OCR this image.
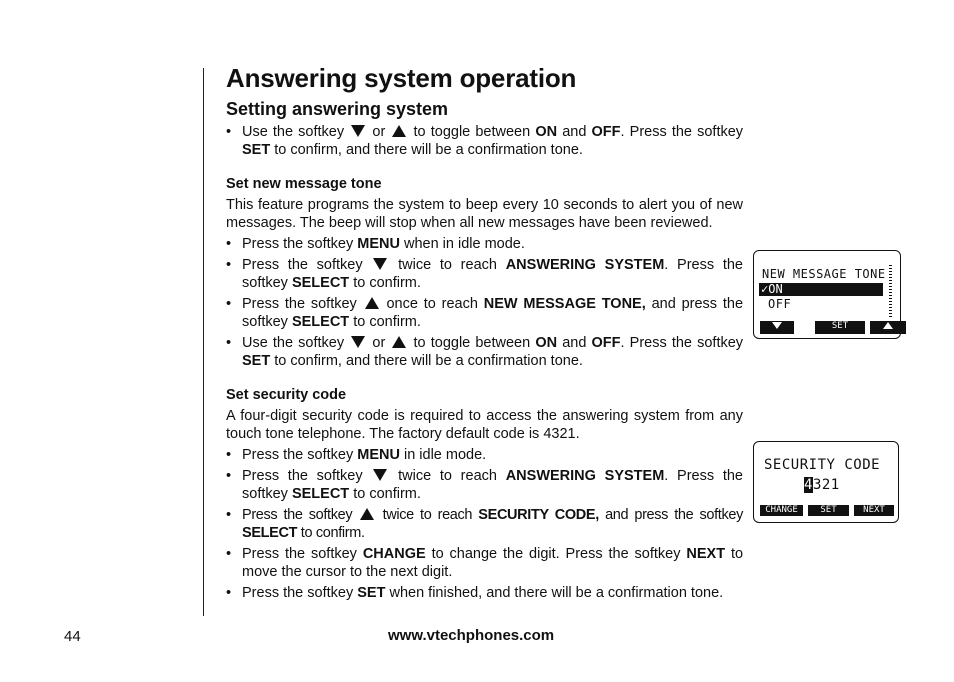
Answering system operation
Setting answering system
• Use the softkey or to toggle between ON and OFF. Press the softkey SET to confirm, and there will be a confirmation tone.
Set new message tone

This feature programs the system to beep every 10 seconds to alert you of new messages. The beep will stop when all new messages have been reviewed.

• Press the softkey MENU when in idle mode.
• Press the softkey twice to reach ANSWERING SYSTEM. Press the softkey SELECT to confirm.
• Press the softkey once to reach NEW MESSAGE TONE, and press the softkey SELECT to confirm.
• Use the softkey or to toggle between ON and OFF. Press the softkey SET to confirm, and there will be a confirmation tone.
Set security code

A four-digit security code is required to access the answering system from any touch tone telephone. The factory default code is 4321.

• Press the softkey MENU in idle mode.
• Press the softkey twice to reach ANSWERING SYSTEM. Press the softkey SELECT to confirm.
• Press the softkey twice to reach SECURITY CODE, and press the softkey SELECT to confirm.
• Press the softkey CHANGE to change the digit. Press the softkey NEXT to move the cursor to the next digit.
• Press the softkey SET when finished, and there will be a confirmation tone.
NEW MESSAGE TONE
✓ON
OFF
SET
SECURITY CODE
4321
CHANGE	SET	NEXT
44	www.vtechphones.com
